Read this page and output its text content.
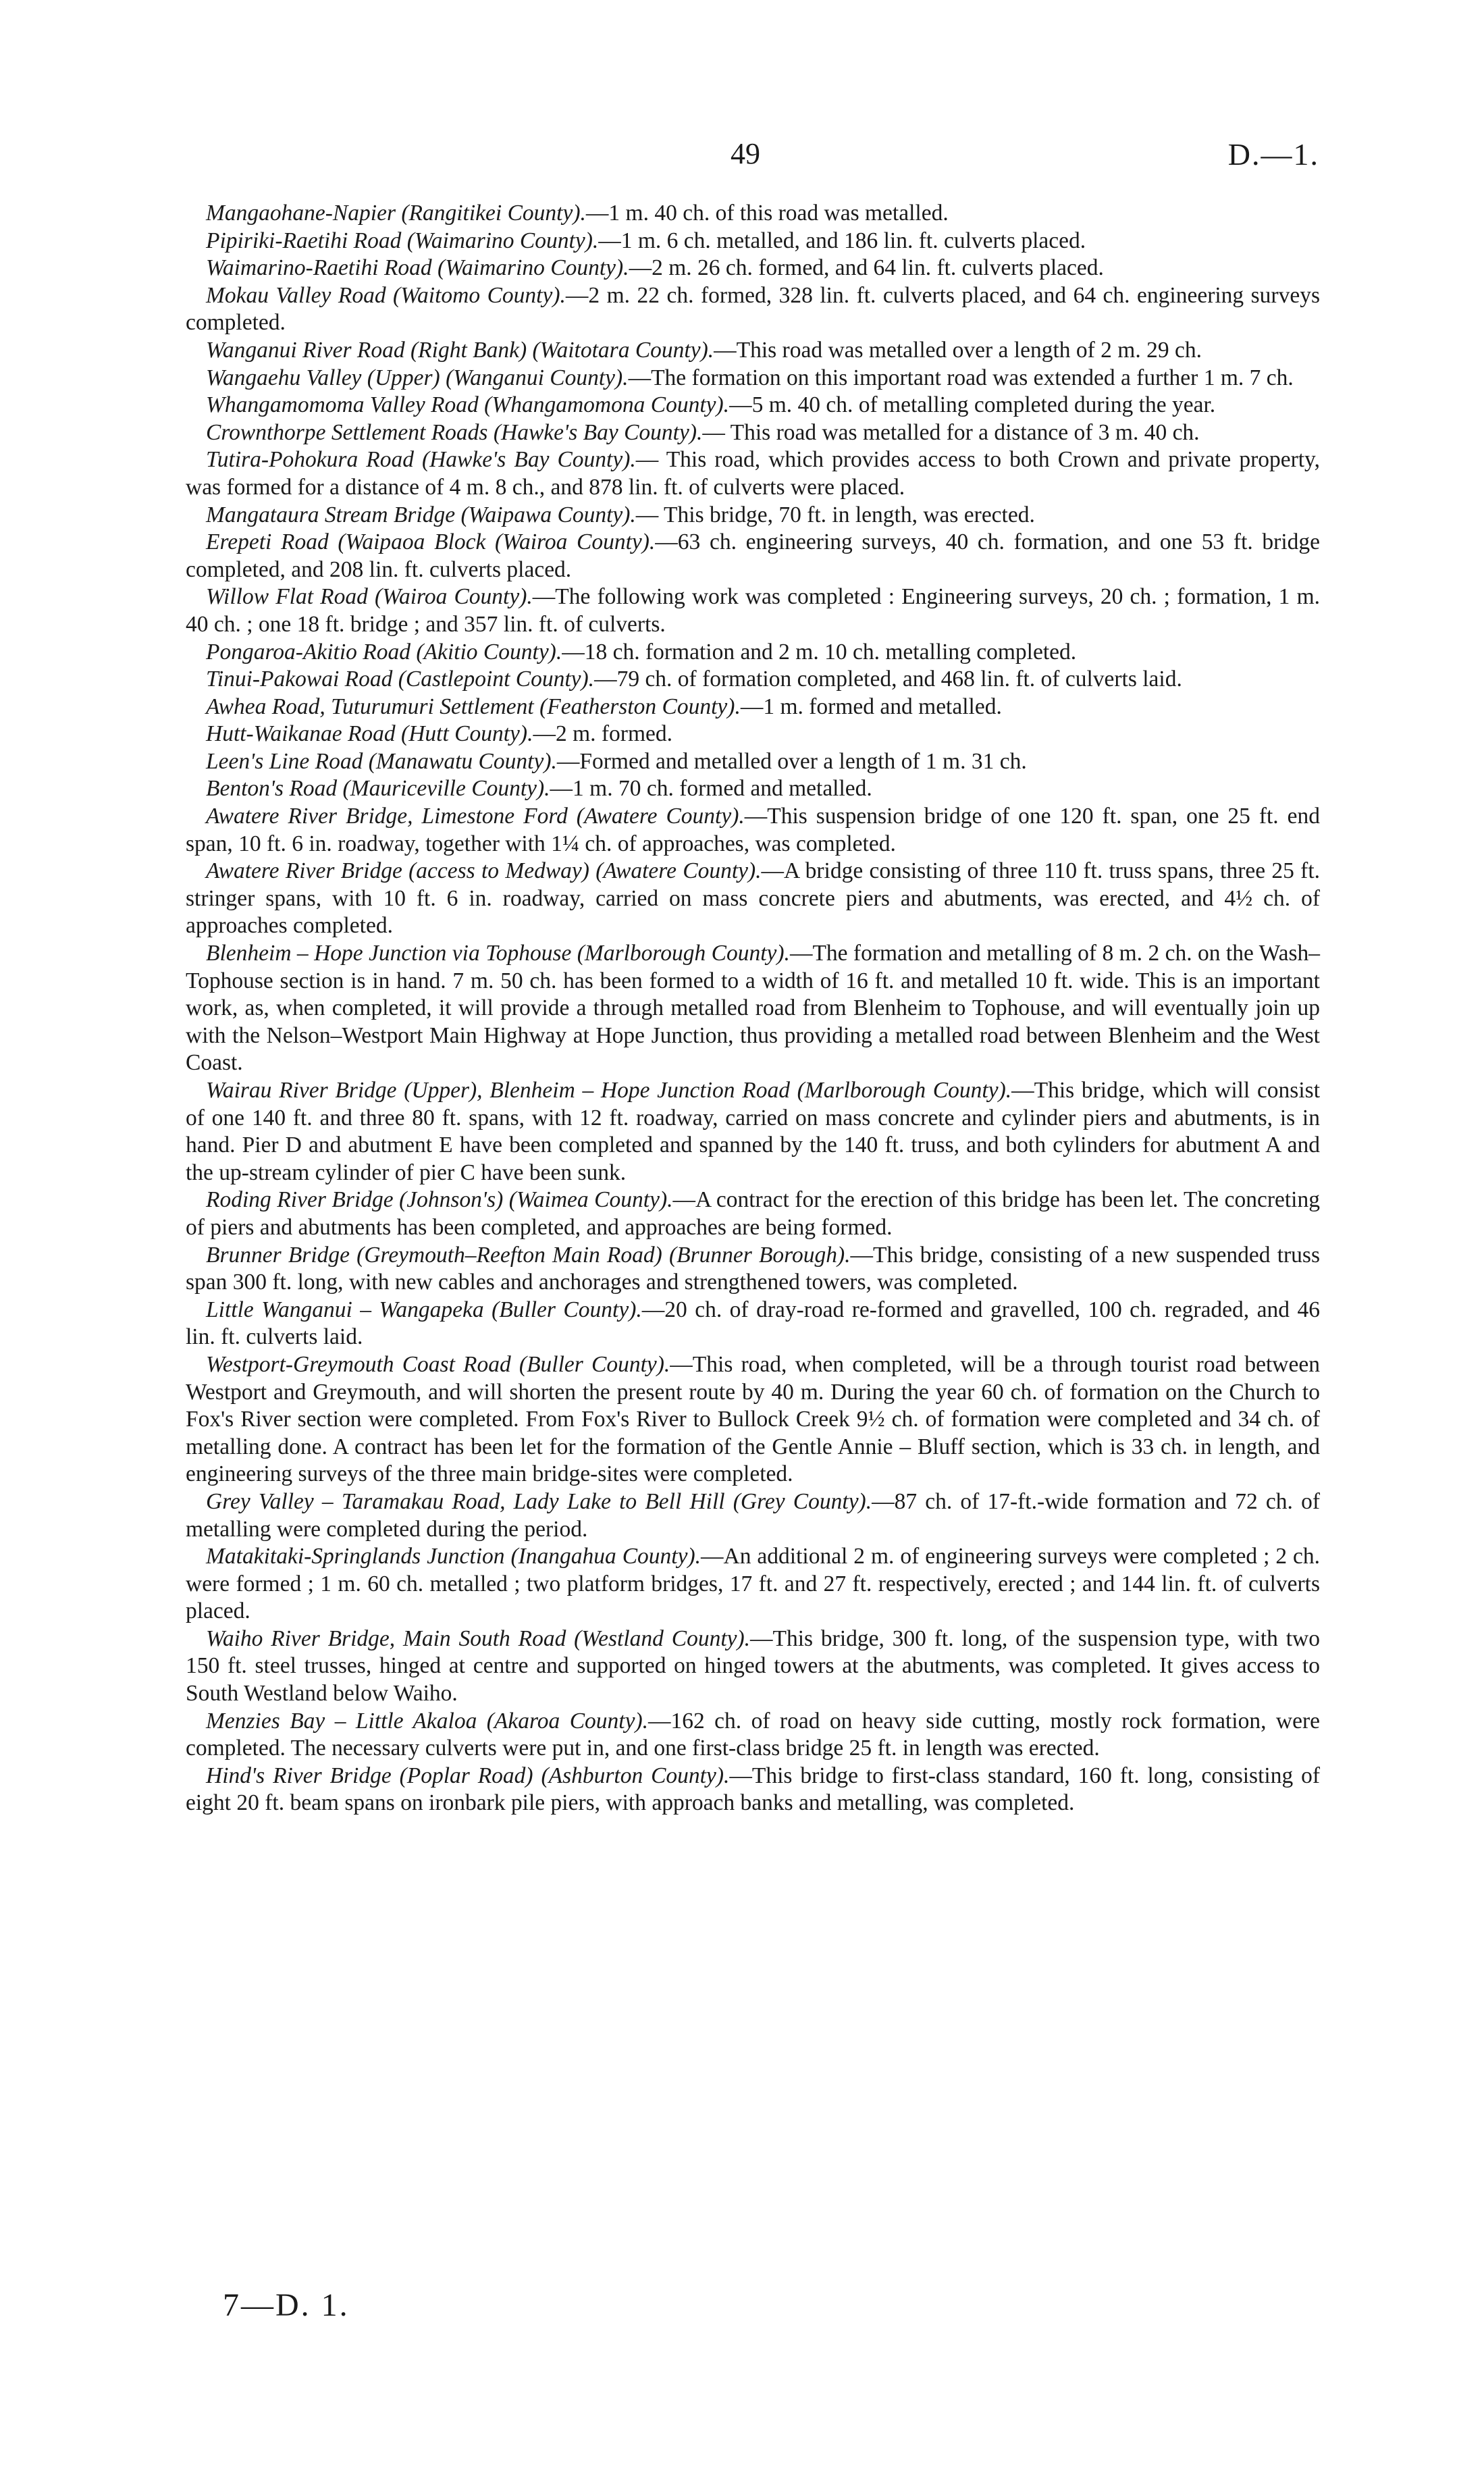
49	D.—1.

Mangaohane-Napier (Rangitikei County).—1 m. 40 ch. of this road was metalled.

Pipiriki-Raetihi Road (Waimarino County).—1 m. 6 ch. metalled, and 186 lin. ft. culverts placed.

Waimarino-Raetihi Road (Waimarino County).—2 m. 26 ch. formed, and 64 lin. ft. culverts placed.

Mokau Valley Road (Waitomo County).—2 m. 22 ch. formed, 328 lin. ft. culverts placed, and 64 ch. engineering surveys completed.

Wanganui River Road (Right Bank) (Waitotara County).—This road was metalled over a length of 2 m. 29 ch.

Wangaehu Valley (Upper) (Wanganui County).—The formation on this important road was extended a further 1 m. 7 ch.

Whangamomoma Valley Road (Whangamomona County).—5 m. 40 ch. of metalling completed during the year.

Crownthorpe Settlement Roads (Hawke's Bay County).— This road was metalled for a distance of 3 m. 40 ch.

Tutira-Pohokura Road (Hawke's Bay County).— This road, which provides access to both Crown and private property, was formed for a distance of 4 m. 8 ch., and 878 lin. ft. of culverts were placed.

Mangataura Stream Bridge (Waipawa County).— This bridge, 70 ft. in length, was erected.

Erepeti Road (Waipaoa Block (Wairoa County).—63 ch. engineering surveys, 40 ch. formation, and one 53 ft. bridge completed, and 208 lin. ft. culverts placed.

Willow Flat Road (Wairoa County).—The following work was completed : Engineering surveys, 20 ch. ; formation, 1 m. 40 ch. ; one 18 ft. bridge ; and 357 lin. ft. of culverts.

Pongaroa-Akitio Road (Akitio County).—18 ch. formation and 2 m. 10 ch. metalling completed.

Tinui-Pakowai Road (Castlepoint County).—79 ch. of formation completed, and 468 lin. ft. of culverts laid.

Awhea Road, Tuturumuri Settlement (Featherston County).—1 m. formed and metalled.

Hutt-Waikanae Road (Hutt County).—2 m. formed.

Leen's Line Road (Manawatu County).—Formed and metalled over a length of 1 m. 31 ch.

Benton's Road (Mauriceville County).—1 m. 70 ch. formed and metalled.

Awatere River Bridge, Limestone Ford (Awatere County).—This suspension bridge of one 120 ft. span, one 25 ft. end span, 10 ft. 6 in. roadway, together with 1¼ ch. of approaches, was completed.

Awatere River Bridge (access to Medway) (Awatere County).—A bridge consisting of three 110 ft. truss spans, three 25 ft. stringer spans, with 10 ft. 6 in. roadway, carried on mass concrete piers and abutments, was erected, and 4½ ch. of approaches completed.

Blenheim – Hope Junction via Tophouse (Marlborough County).—The formation and metalling of 8 m. 2 ch. on the Wash–Tophouse section is in hand. 7 m. 50 ch. has been formed to a width of 16 ft. and metalled 10 ft. wide. This is an important work, as, when completed, it will provide a through metalled road from Blenheim to Tophouse, and will eventually join up with the Nelson–Westport Main Highway at Hope Junction, thus providing a metalled road between Blenheim and the West Coast.

Wairau River Bridge (Upper), Blenheim – Hope Junction Road (Marlborough County).—This bridge, which will consist of one 140 ft. and three 80 ft. spans, with 12 ft. roadway, carried on mass concrete and cylinder piers and abutments, is in hand. Pier D and abutment E have been completed and spanned by the 140 ft. truss, and both cylinders for abutment A and the up-stream cylinder of pier C have been sunk.

Roding River Bridge (Johnson's) (Waimea County).—A contract for the erection of this bridge has been let. The concreting of piers and abutments has been completed, and approaches are being formed.

Brunner Bridge (Greymouth–Reefton Main Road) (Brunner Borough).—This bridge, consisting of a new suspended truss span 300 ft. long, with new cables and anchorages and strengthened towers, was completed.

Little Wanganui – Wangapeka (Buller County).—20 ch. of dray-road re-formed and gravelled, 100 ch. regraded, and 46 lin. ft. culverts laid.

Westport-Greymouth Coast Road (Buller County).—This road, when completed, will be a through tourist road between Westport and Greymouth, and will shorten the present route by 40 m. During the year 60 ch. of formation on the Church to Fox's River section were completed. From Fox's River to Bullock Creek 9½ ch. of formation were completed and 34 ch. of metalling done. A contract has been let for the formation of the Gentle Annie – Bluff section, which is 33 ch. in length, and engineering surveys of the three main bridge-sites were completed.

Grey Valley – Taramakau Road, Lady Lake to Bell Hill (Grey County).—87 ch. of 17-ft.-wide formation and 72 ch. of metalling were completed during the period.

Matakitaki-Springlands Junction (Inangahua County).—An additional 2 m. of engineering surveys were completed ; 2 ch. were formed ; 1 m. 60 ch. metalled ; two platform bridges, 17 ft. and 27 ft. respectively, erected ; and 144 lin. ft. of culverts placed.

Waiho River Bridge, Main South Road (Westland County).—This bridge, 300 ft. long, of the suspension type, with two 150 ft. steel trusses, hinged at centre and supported on hinged towers at the abutments, was completed. It gives access to South Westland below Waiho.

Menzies Bay – Little Akaloa (Akaroa County).—162 ch. of road on heavy side cutting, mostly rock formation, were completed. The necessary culverts were put in, and one first-class bridge 25 ft. in length was erected.

Hind's River Bridge (Poplar Road) (Ashburton County).—This bridge to first-class standard, 160 ft. long, consisting of eight 20 ft. beam spans on ironbark pile piers, with approach banks and metalling, was completed.

7—D. 1.
